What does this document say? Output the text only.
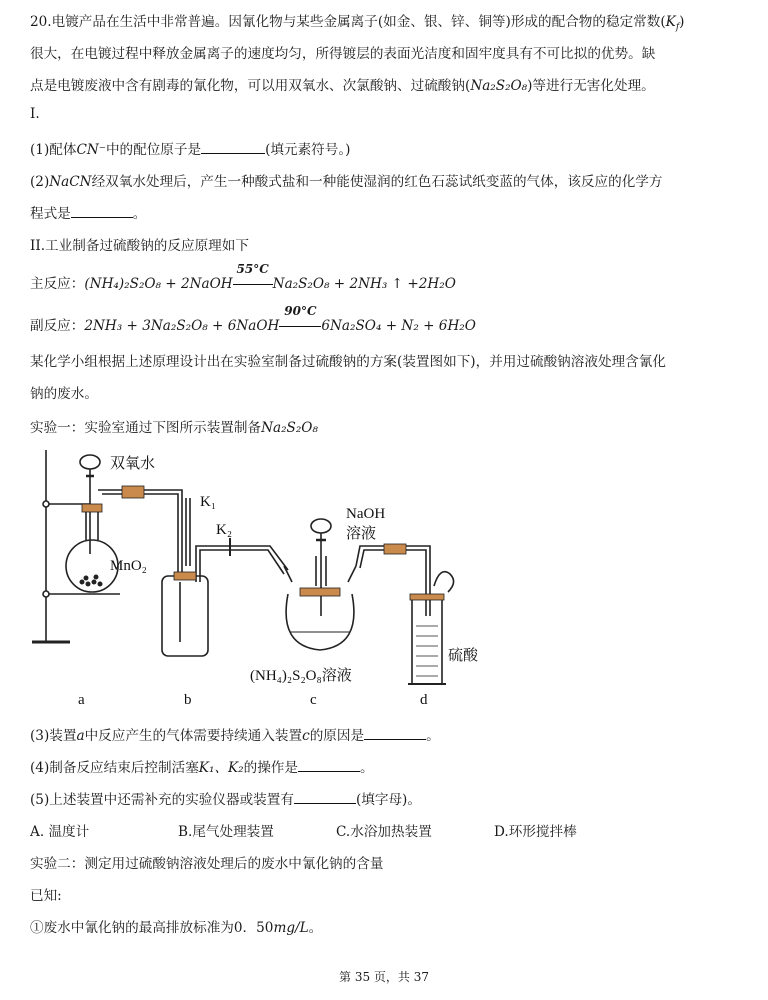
20.电镀产品在生活中非常普遍。因氰化物与某些金属离子(如金、银、锌、铜等)形成的配合物的稳定常数$(K_f)$
很大，在电镀过程中释放金属离子的速度均匀，所得镀层的表面光洁度和固牢度具有不可比拟的优势。缺
点是电镀废液中含有剧毒的氰化物，可以用双氧水、次氯酸钠、过硫酸钠(Na₂S₂O₈)等进行无害化处理。
I.
(1)配体CN⁻中的配位原子是	(填元素符号。)
(2)NaCN经双氧水处理后，产生一种酸式盐和一种能使湿润的红色石蕊试纸变蓝的气体，该反应的化学方
程式是	。
II.工业制备过硫酸钠的反应原理如下
主反应：(NH₄)₂S₂O₈ + 2NaOH
55°C
Na₂S₂O₈ + 2NH₃ ↑ +2H₂O
副反应：2NH₃ + 3Na₂S₂O₈ + 6NaOH
90°C
6Na₂SO₄ + N₂ + 6H₂O
某化学小组根据上述原理设计出在实验室制备过硫酸钠的方案(装置图如下)，并用过硫酸钠溶液处理含氰化
钠的废水。
实验一：实验室通过下图所示装置制备Na₂S₂O₈
双氧水
K₁
K₂
MnO₂
NaOH
溶液
(NH₄)₂S₂O₈溶液
硫酸
a	b	c	d
(3)装置a中反应产生的气体需要持续通入装置c的原因是	。
(4)制备反应结束后控制活塞K₁、K₂的操作是	。
(5)上述装置中还需补充的实验仪器或装置有	(填字母)。
A. 温度计	B.尾气处理装置	C.水浴加热装置	D.环形搅拌棒
实验二：测定用过硫酸钠溶液处理后的废水中氰化钠的含量
已知:
①废水中氰化钠的最高排放标准为0．50mg/L。
第 35 页，共 37
